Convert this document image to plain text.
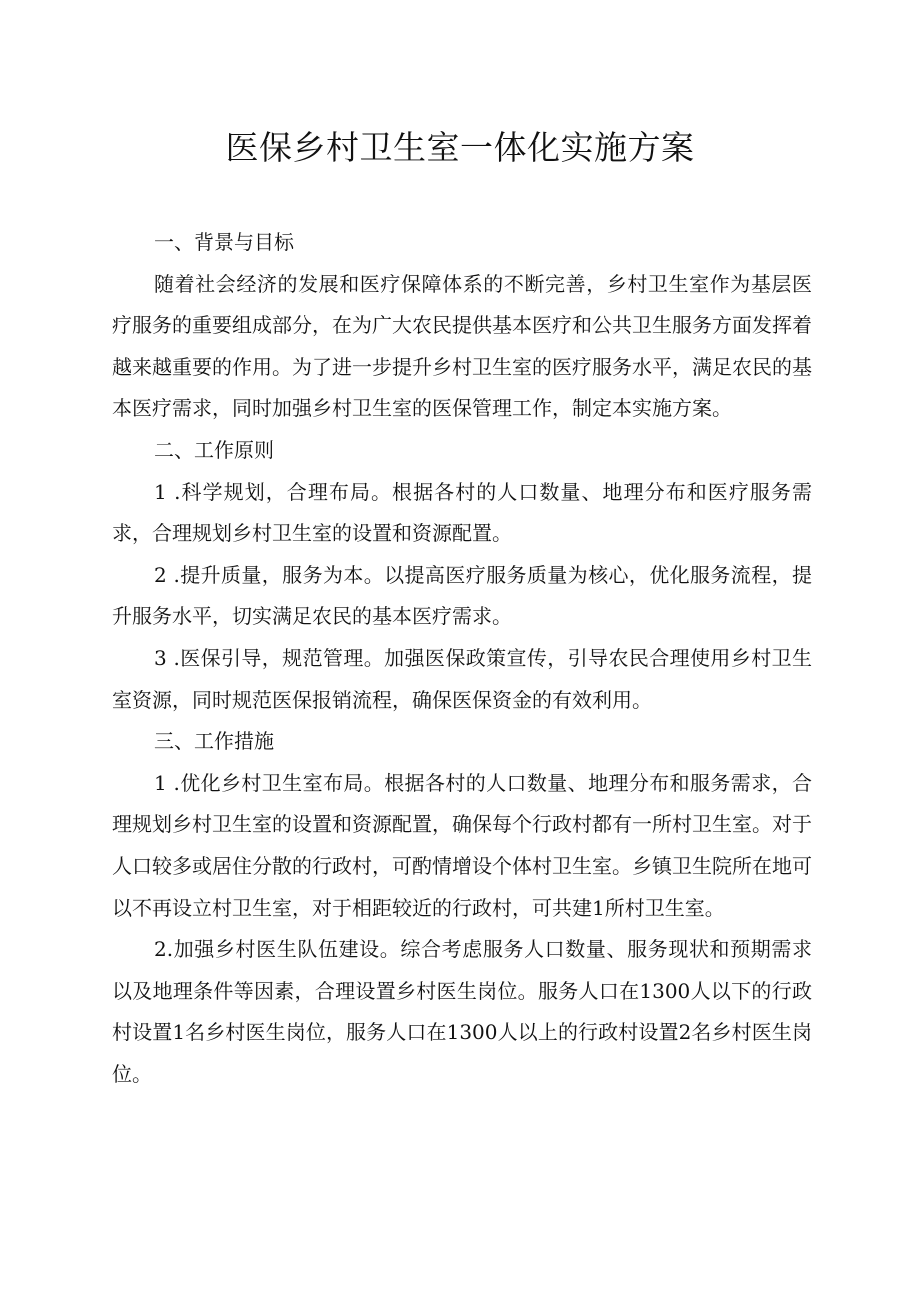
医保乡村卫生室一体化实施方案

一、背景与目标

随着社会经济的发展和医疗保障体系的不断完善，乡村卫生室作为基层医疗服务的重要组成部分，在为广大农民提供基本医疗和公共卫生服务方面发挥着越来越重要的作用。为了进一步提升乡村卫生室的医疗服务水平，满足农民的基本医疗需求，同时加强乡村卫生室的医保管理工作，制定本实施方案。

二、工作原则

1 .科学规划，合理布局。根据各村的人口数量、地理分布和医疗服务需求，合理规划乡村卫生室的设置和资源配置。

2 .提升质量，服务为本。以提高医疗服务质量为核心，优化服务流程，提升服务水平，切实满足农民的基本医疗需求。

3 .医保引导，规范管理。加强医保政策宣传，引导农民合理使用乡村卫生室资源，同时规范医保报销流程，确保医保资金的有效利用。

三、工作措施

1 .优化乡村卫生室布局。根据各村的人口数量、地理分布和服务需求，合理规划乡村卫生室的设置和资源配置，确保每个行政村都有一所村卫生室。对于人口较多或居住分散的行政村，可酌情增设个体村卫生室。乡镇卫生院所在地可以不再设立村卫生室，对于相距较近的行政村，可共建1所村卫生室。

2.加强乡村医生队伍建设。综合考虑服务人口数量、服务现状和预期需求以及地理条件等因素，合理设置乡村医生岗位。服务人口在1300人以下的行政村设置1名乡村医生岗位，服务人口在1300人以上的行政村设置2名乡村医生岗位。
